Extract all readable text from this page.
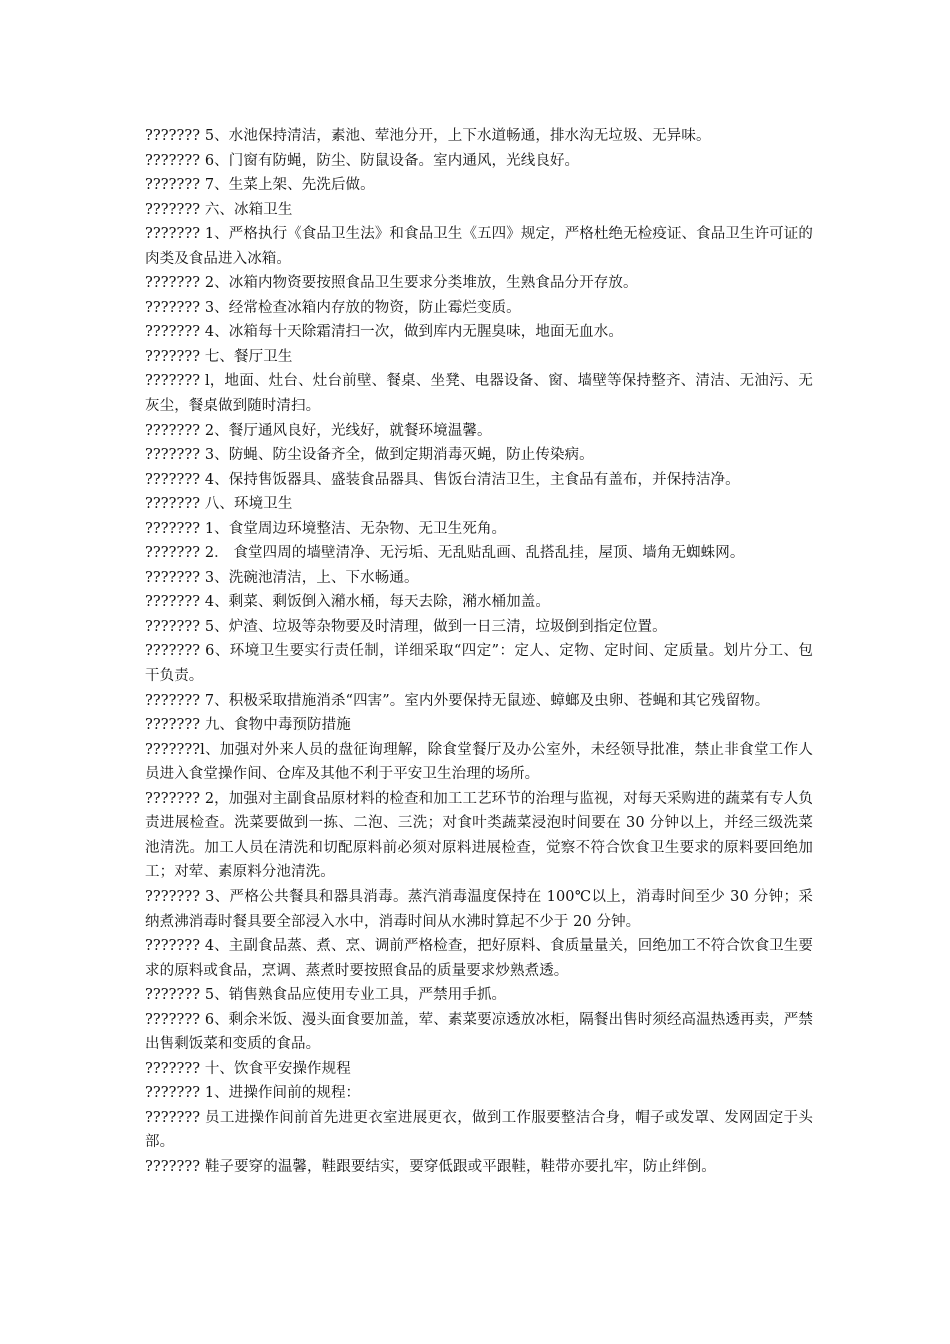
??????? 5、水池保持清洁，素池、荤池分开，上下水道畅通，排水沟无垃圾、无异味。

??????? 6、门窗有防蝇，防尘、防鼠设备。室内通风，光线良好。

??????? 7、生菜上架、先洗后做。

??????? 六、冰箱卫生

??????? 1、严格执行《食品卫生法》和食品卫生《五四》规定，严格杜绝无检疫证、食品卫生许可证的肉类及食品进入冰箱。

??????? 2、冰箱内物资要按照食品卫生要求分类堆放，生熟食品分开存放。

??????? 3、经常检查冰箱内存放的物资，防止霉烂变质。

??????? 4、冰箱每十天除霜清扫一次，做到库内无腥臭味，地面无血水。

??????? 七、餐厅卫生

??????? l，地面、灶台、灶台前壁、餐桌、坐凳、电器设备、窗、墙壁等保持整齐、清洁、无油污、无灰尘，餐桌做到随时清扫。

??????? 2、餐厅通风良好，光线好，就餐环境温馨。

??????? 3、防蝇、防尘设备齐全，做到定期消毒灭蝇，防止传染病。

??????? 4、保持售饭器具、盛装食品器具、售饭台清洁卫生，主食品有盖布，并保持洁净。

??????? 八、环境卫生

??????? 1、食堂周边环境整洁、无杂物、无卫生死角。

??????? 2． 食堂四周的墙壁清净、无污垢、无乱贴乱画、乱搭乱挂，屋顶、墙角无蜘蛛网。

??????? 3、洗碗池清洁，上、下水畅通。

??????? 4、剩菜、剩饭倒入潲水桶，每天去除，潲水桶加盖。

??????? 5、炉渣、垃圾等杂物要及时清理，做到一日三清，垃圾倒到指定位置。

??????? 6、环境卫生要实行责任制，详细采取“四定”：定人、定物、定时间、定质量。划片分工、包干负责。

??????? 7、积极采取措施消杀“四害”。室内外要保持无鼠迹、蟑螂及虫卵、苍蝇和其它残留物。

??????? 九、食物中毒预防措施

???????l、加强对外来人员的盘征询理解，除食堂餐厅及办公室外，未经领导批准，禁止非食堂工作人员进入食堂操作间、仓库及其他不利于平安卫生治理的场所。

??????? 2，加强对主副食品原材料的检查和加工工艺环节的治理与监视，对每天采购进的蔬菜有专人负责进展检查。洗菜要做到一拣、二泡、三洗；对食叶类蔬菜浸泡时间要在 30 分钟以上，并经三级洗菜池清洗。加工人员在清洗和切配原料前必须对原料进展检查，觉察不符合饮食卫生要求的原料要回绝加工；对荤、素原料分池清洗。

??????? 3、严格公共餐具和器具消毒。蒸汽消毒温度保持在 100℃以上，消毒时间至少 30 分钟；采纳煮沸消毒时餐具要全部浸入水中，消毒时间从水沸时算起不少于 20 分钟。

??????? 4、主副食品蒸、煮、烹、调前严格检查，把好原料、食质量量关，回绝加工不符合饮食卫生要求的原料或食品，烹调、蒸煮时要按照食品的质量要求炒熟煮透。

??????? 5、销售熟食品应使用专业工具，严禁用手抓。

??????? 6、剩余米饭、漫头面食要加盖，荤、素菜要凉透放冰柜，隔餐出售时须经高温热透再卖，严禁出售剩饭菜和变质的食品。

??????? 十、饮食平安操作规程

??????? 1、进操作间前的规程：

??????? 员工进操作间前首先进更衣室进展更衣，做到工作服要整洁合身，帽子或发罩、发网固定于头部。

??????? 鞋子要穿的温馨，鞋跟要结实，要穿低跟或平跟鞋，鞋带亦要扎牢，防止绊倒。
